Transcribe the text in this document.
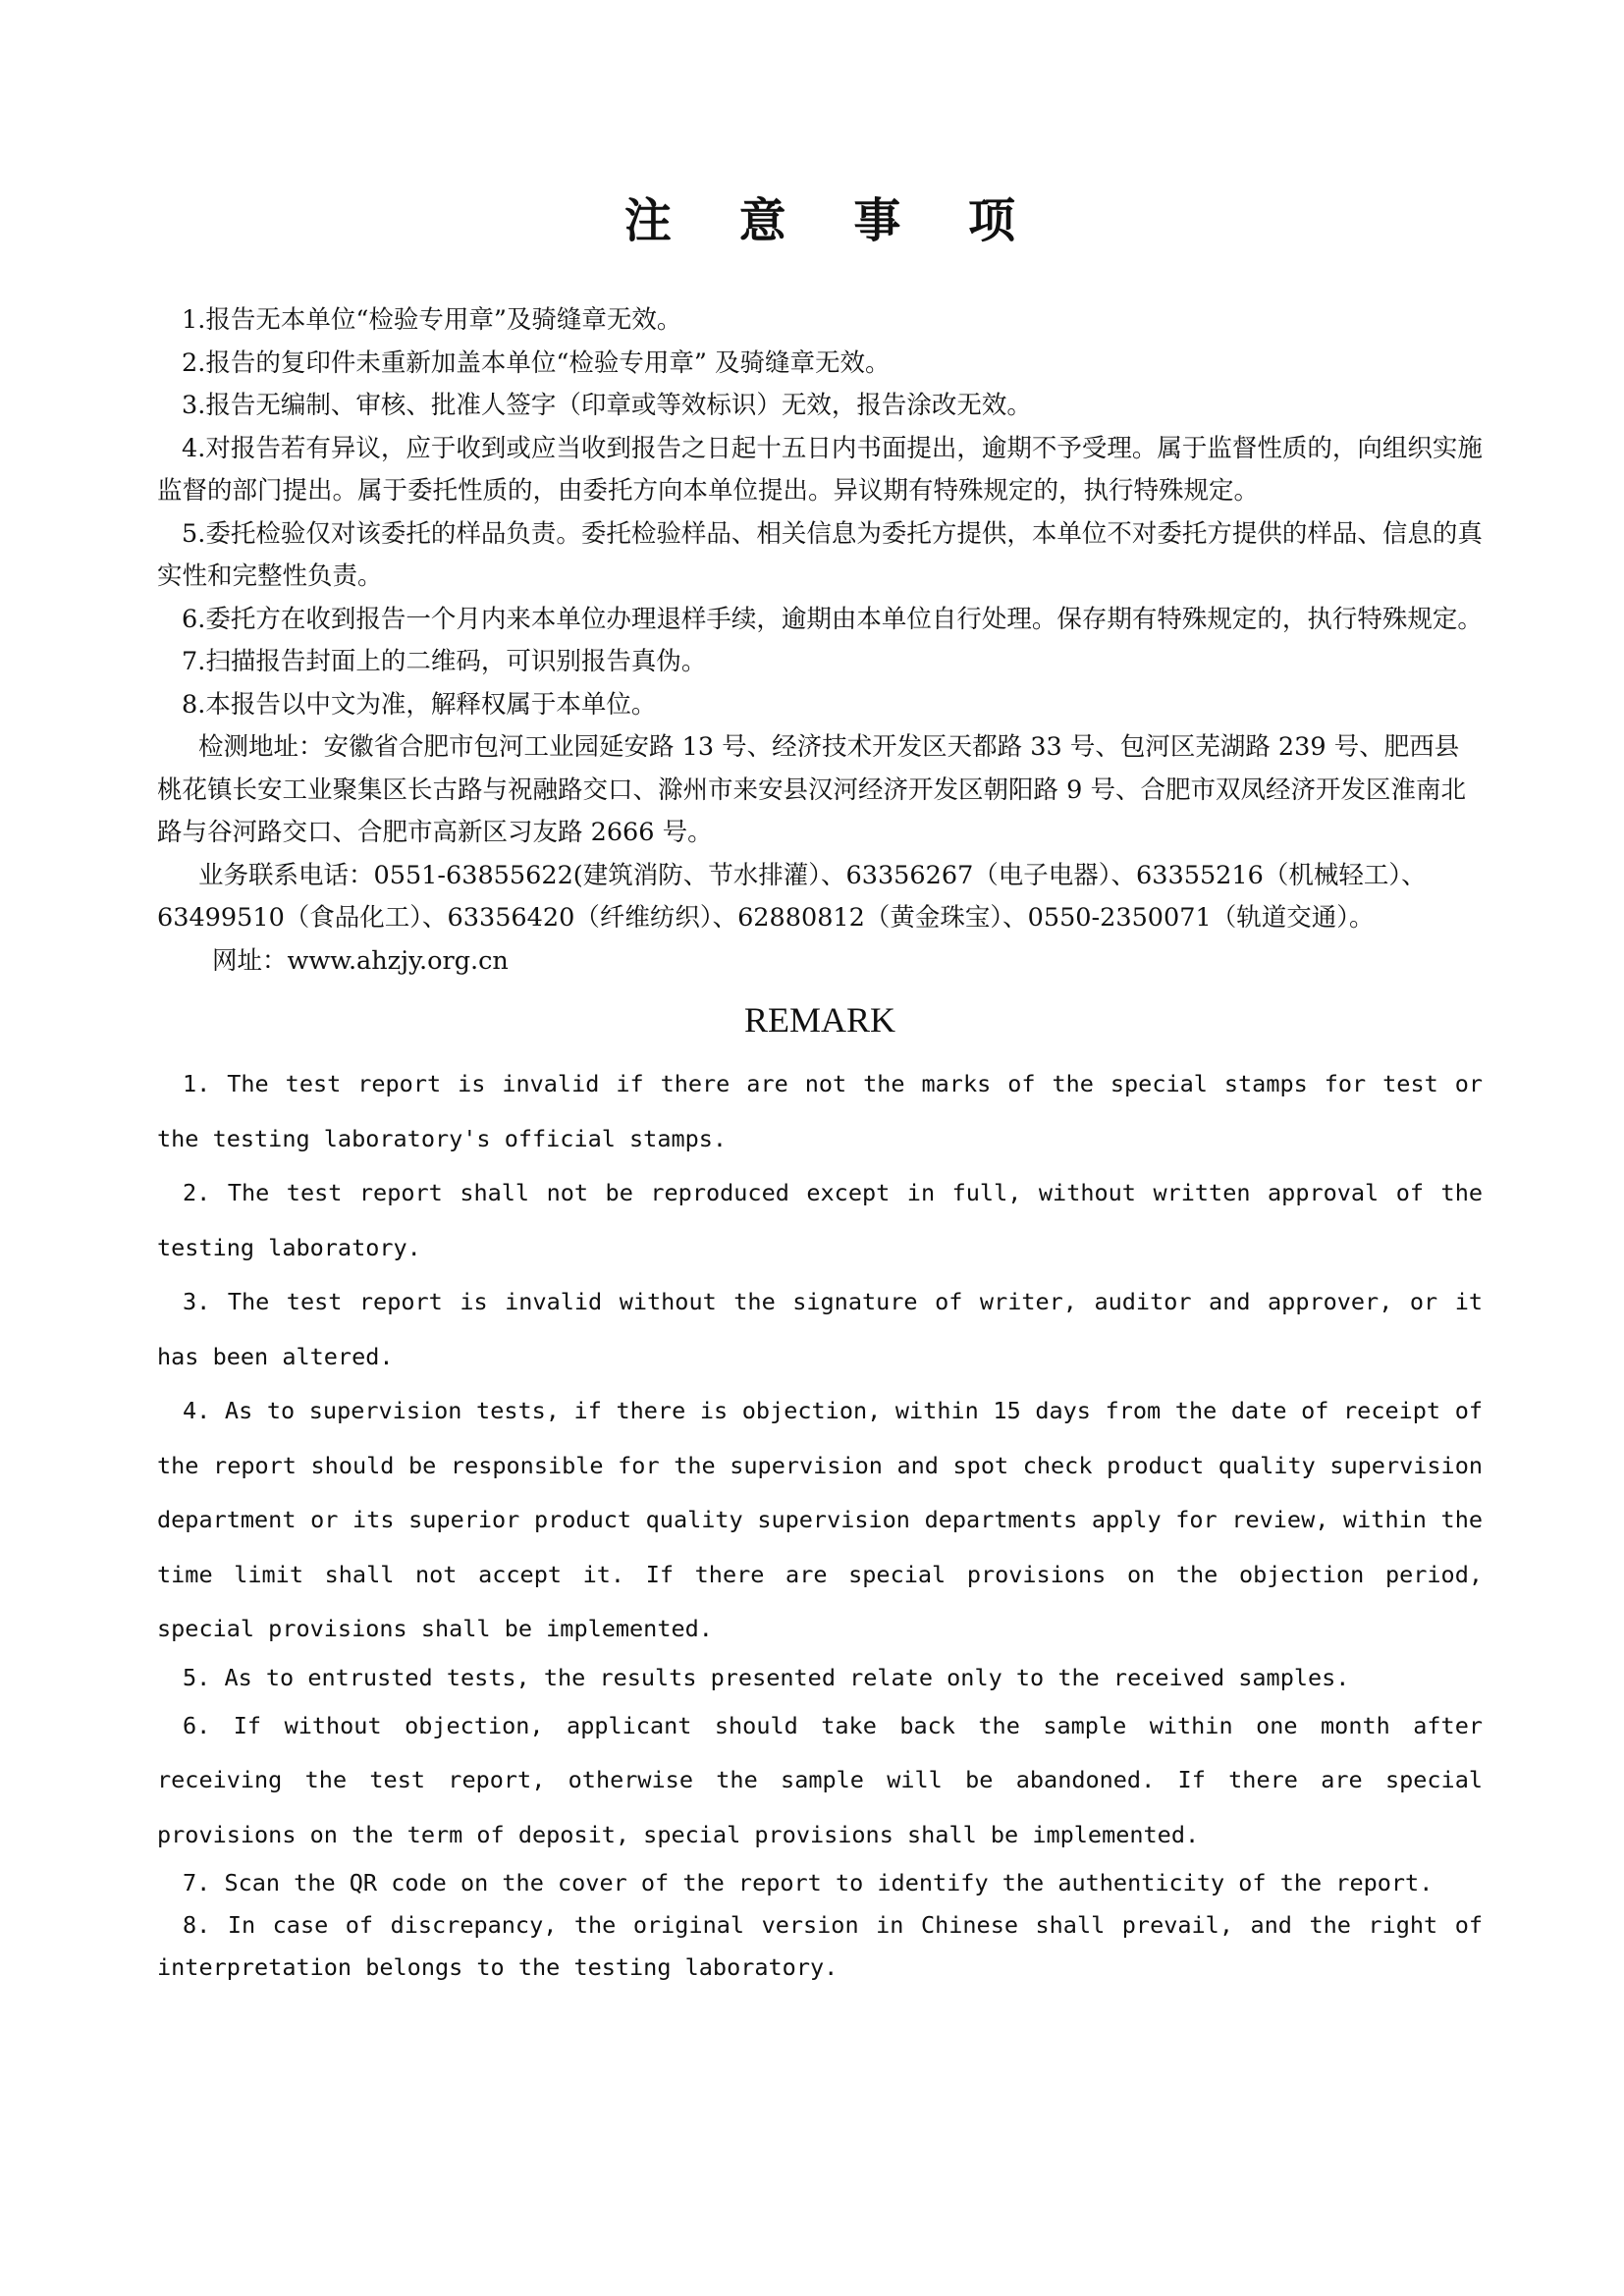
注 意 事 项

1.报告无本单位“检验专用章”及骑缝章无效。

2.报告的复印件未重新加盖本单位“检验专用章” 及骑缝章无效。

3.报告无编制、审核、批准人签字（印章或等效标识）无效，报告涂改无效。

4.对报告若有异议，应于收到或应当收到报告之日起十五日内书面提出，逾期不予受理。属于监督性质的，向组织实施监督的部门提出。属于委托性质的，由委托方向本单位提出。异议期有特殊规定的，执行特殊规定。

5.委托检验仅对该委托的样品负责。委托检验样品、相关信息为委托方提供，本单位不对委托方提供的样品、信息的真实性和完整性负责。

6.委托方在收到报告一个月内来本单位办理退样手续，逾期由本单位自行处理。保存期有特殊规定的，执行特殊规定。

7.扫描报告封面上的二维码，可识别报告真伪。

8.本报告以中文为准，解释权属于本单位。

检测地址：安徽省合肥市包河工业园延安路 13 号、经济技术开发区天都路 33 号、包河区芜湖路 239 号、肥西县桃花镇长安工业聚集区长古路与祝融路交口、滁州市来安县汉河经济开发区朝阳路 9 号、合肥市双凤经济开发区淮南北路与谷河路交口、合肥市高新区习友路 2666 号。

业务联系电话：0551-63855622(建筑消防、节水排灌）、63356267（电子电器）、63355216（机械轻工）、63499510（食品化工）、63356420（纤维纺织）、62880812（黄金珠宝）、0550-2350071（轨道交通）。

网址：www.ahzjy.org.cn

REMARK

1. The test report is invalid if there are not the marks of the special stamps for test or the testing laboratory's official stamps.

2. The test report shall not be reproduced except in full, without written approval of the testing laboratory.

3. The test report is invalid without the signature of writer, auditor and approver, or it has been altered.

4. As to supervision tests, if there is objection, within 15 days from the date of receipt of the report should be responsible for the supervision and spot check product quality supervision department or its superior product quality supervision departments apply for review, within the time limit shall not accept it. If there are special provisions on the objection period, special provisions shall be implemented.

5. As to entrusted tests, the results presented relate only to the received samples.

6. If without objection, applicant should take back the sample within one month after receiving the test report, otherwise the sample will be abandoned. If there are special provisions on the term of deposit, special provisions shall be implemented.

7. Scan the QR code on the cover of the report to identify the authenticity of the report.

8. In case of discrepancy, the original version in Chinese shall prevail, and the right of interpretation belongs to the testing laboratory.
